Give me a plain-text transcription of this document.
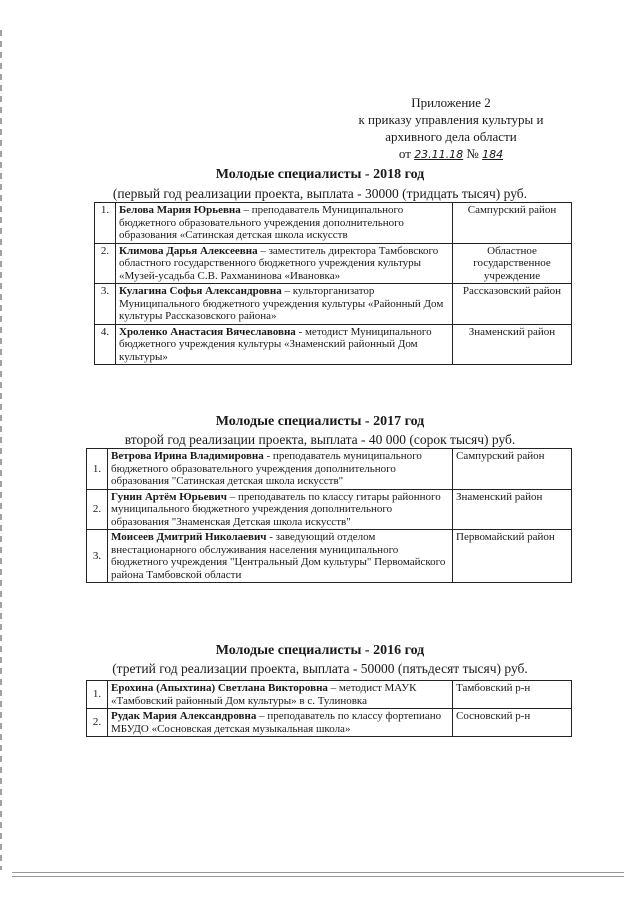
Приложение 2
к приказу управления культуры и
архивного дела области
от 23.11.18 № 184
Молодые специалисты - 2018 год
(первый год реализации проекта, выплата - 30000 (тридцать тысяч) руб.
1.	Белова Мария Юрьевна – преподаватель Муниципального бюджетного образовательного учреждения дополнительного образования «Сатинская детская школа искусств	Сампурский район
2.	Климова Дарья Алексеевна – заместитель директора Тамбовского областного государственного бюджетного учреждения культуры «Музей-усадьба С.В. Рахманинова «Ивановка»	Областное государственное учреждение
3.	Кулагина Софья Александровна – культорганизатор Муниципального бюджетного учреждения культуры «Районный Дом культуры Рассказовского района»	Рассказовский район
4.	Хроленко Анастасия Вячеславовна - методист Муниципального бюджетного учреждения культуры «Знаменский районный Дом культуры»	Знаменский район
Молодые специалисты - 2017 год
второй год реализации проекта, выплата - 40 000 (сорок тысяч) руб.
1.	Ветрова Ирина Владимировна - преподаватель муниципального бюджетного образовательного учреждения дополнительного образования "Сатинская детская школа искусств"	Сампурский район
2.	Гунин Артём Юрьевич – преподаватель по классу гитары районного муниципального бюджетного учреждения дополнительного образования "Знаменская Детская школа искусств"	Знаменский район
3.	Моисеев Дмитрий Николаевич - заведующий отделом внестационарного обслуживания населения муниципального бюджетного учреждения "Центральный Дом культуры" Первомайского района Тамбовской области	Первомайский район
Молодые специалисты - 2016 год
(третий год реализации проекта, выплата - 50000 (пятьдесят тысяч) руб.
1.	Ерохина (Апыхтина) Светлана Викторовна – методист МАУК «Тамбовский районный Дом культуры» в с. Тулиновка	Тамбовский р-н
2.	Рудак Мария Александровна – преподаватель по классу фортепиано МБУДО «Сосновская детская музыкальная школа»	Сосновский р-н
